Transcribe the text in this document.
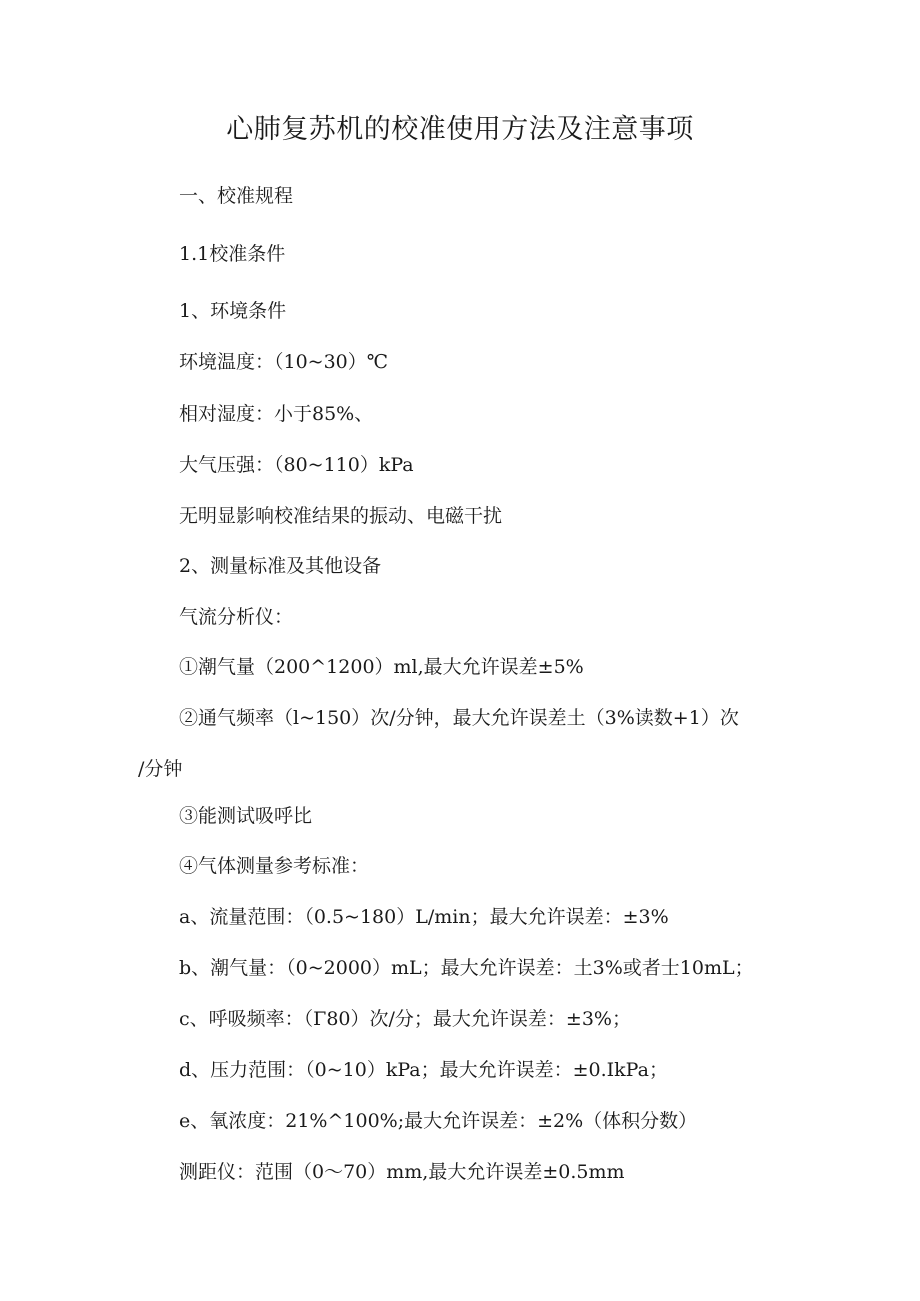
心肺复苏机的校准使用方法及注意事项

一、校准规程

1.1校准条件

1、环境条件

环境温度：（10~30）℃

相对湿度：小于85%、

大气压强：（80~110）kPa

无明显影响校准结果的振动、电磁干扰

2、测量标准及其他设备

气流分析仪：

①潮气量（200^1200）ml,最大允许误差±5%

②通气频率（l~150）次/分钟，最大允许误差土（3%读数+1）次

/分钟

③能测试吸呼比

④气体测量参考标准：

a、流量范围：（0.5~180）L/min；最大允许误差：±3%

b、潮气量：（0~2000）mL；最大允许误差：土3%或者士10mL；

c、呼吸频率：（Γ80）次/分；最大允许误差：±3%；

d、压力范围：（0~10）kPa；最大允许误差：±0.IkPa；

e、氧浓度：21%^100%;最大允许误差：±2%（体积分数）

测距仪：范围（0～70）mm,最大允许误差±0.5mm
